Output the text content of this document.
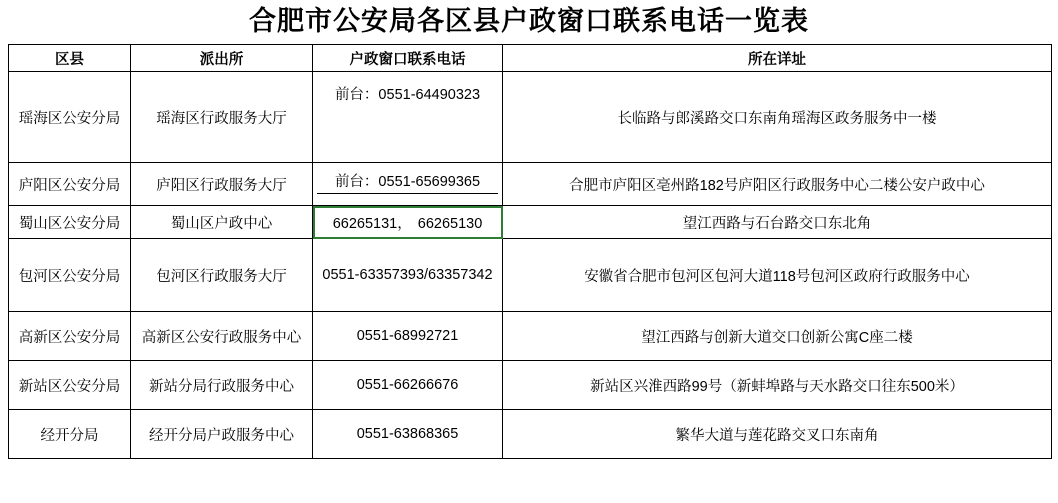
合肥市公安局各区县户政窗口联系电话一览表
区县	派出所	户政窗口联系电话	所在详址
瑶海区公安分局	瑶海区行政服务大厅	前台：0551-64490323	长临路与郎溪路交口东南角瑶海区政务服务中一楼
庐阳区公安分局	庐阳区行政服务大厅	前台：0551-65699365	合肥市庐阳区亳州路182号庐阳区行政服务中心二楼公安户政中心
蜀山区公安分局	蜀山区户政中心	66265131， 66265130	望江西路与石台路交口东北角
包河区公安分局	包河区行政服务大厅	0551-63357393/63357342	安徽省合肥市包河区包河大道118号包河区政府行政服务中心
高新区公安分局	高新区公安行政服务中心	0551-68992721	望江西路与创新大道交口创新公寓C座二楼
新站区公安分局	新站分局行政服务中心	0551-66266676	新站区兴淮西路99号（新蚌埠路与天水路交口往东500米）
经开分局	经开分局户政服务中心	0551-63868365	繁华大道与莲花路交叉口东南角
